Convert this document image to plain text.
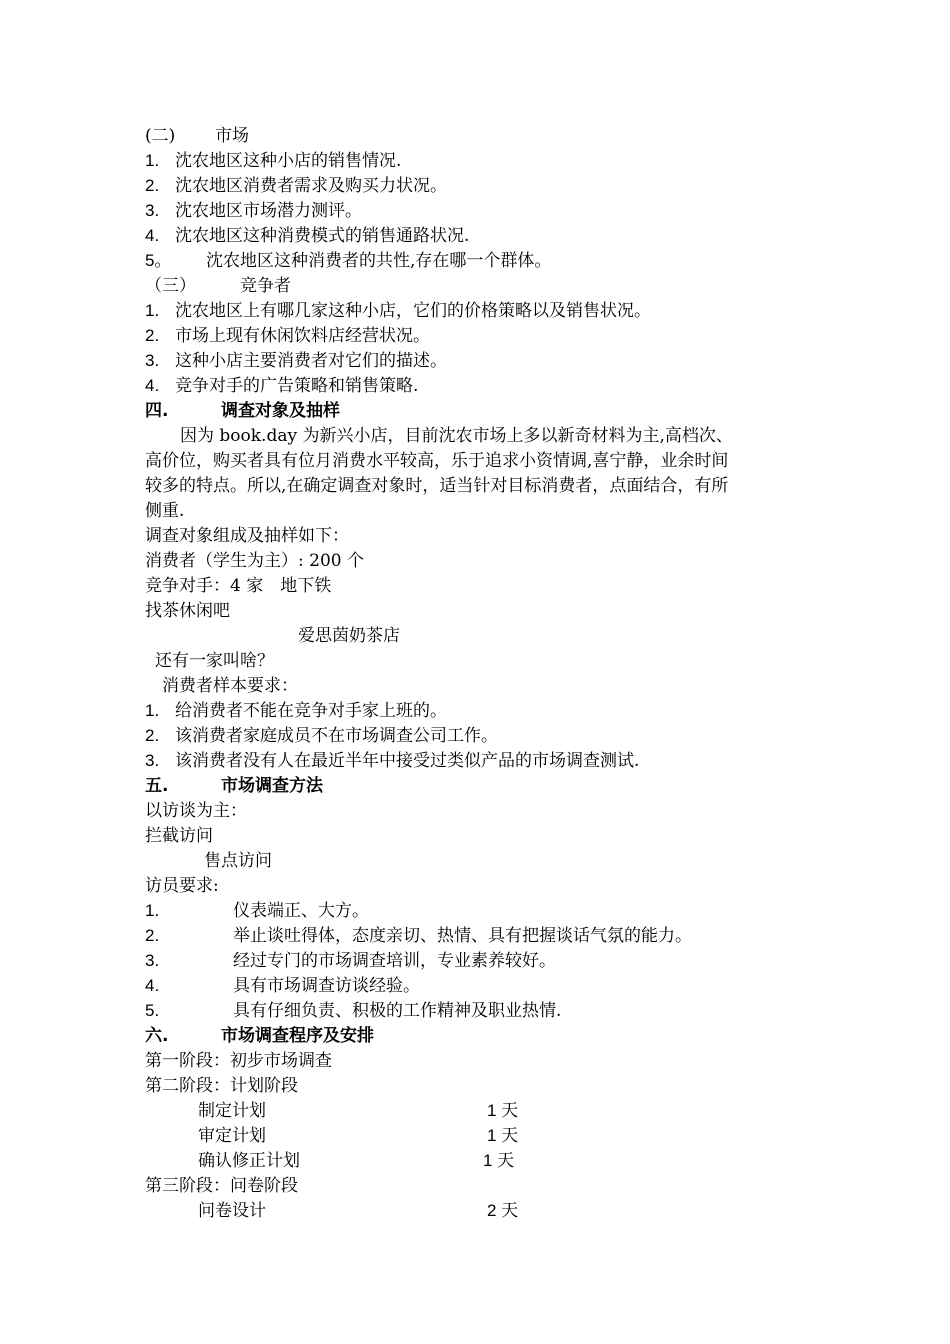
(二) 市场
1. 沈农地区这种小店的销售情况.
2. 沈农地区消费者需求及购买力状况。
3. 沈农地区市场潜力测评。
4. 沈农地区这种消费模式的销售通路状况.
5。 沈农地区这种消费者的共性,存在哪一个群体。
（三）	竞争者
1. 沈农地区上有哪几家这种小店，它们的价格策略以及销售状况。
2. 市场上现有休闲饮料店经营状况。
3. 这种小店主要消费者对它们的描述。
4. 竞争对手的广告策略和销售策略.
四.	调查对象及抽样
因为 book.day 为新兴小店，目前沈农市场上多以新奇材料为主,高档次、
高价位，购买者具有位月消费水平较高，乐于追求小资情调,喜宁静，业余时间
较多的特点。所以,在确定调查对象时，适当针对目标消费者，点面结合，有所
侧重.
调查对象组成及抽样如下：
消费者（学生为主）: 200 个
竞争对手：4 家　地下铁
找茶休闲吧
爱思茵奶茶店
还有一家叫啥？
消费者样本要求：
1. 给消费者不能在竞争对手家上班的。
2. 该消费者家庭成员不在市场调查公司工作。
3. 该消费者没有人在最近半年中接受过类似产品的市场调查测试.
五.	市场调查方法
以访谈为主：
拦截访问
售点访问
访员要求:
1.	仪表端正、大方。
2.	举止谈吐得体，态度亲切、热情、具有把握谈话气氛的能力。
3.	经过专门的市场调查培训，专业素养较好。
4.	具有市场调查访谈经验。
5.	具有仔细负责、积极的工作精神及职业热情.
六.	市场调查程序及安排
第一阶段：初步市场调查
第二阶段：计划阶段
制定计划	1 天
审定计划	1 天
确认修正计划	1 天
第三阶段：问卷阶段
问卷设计	2 天
